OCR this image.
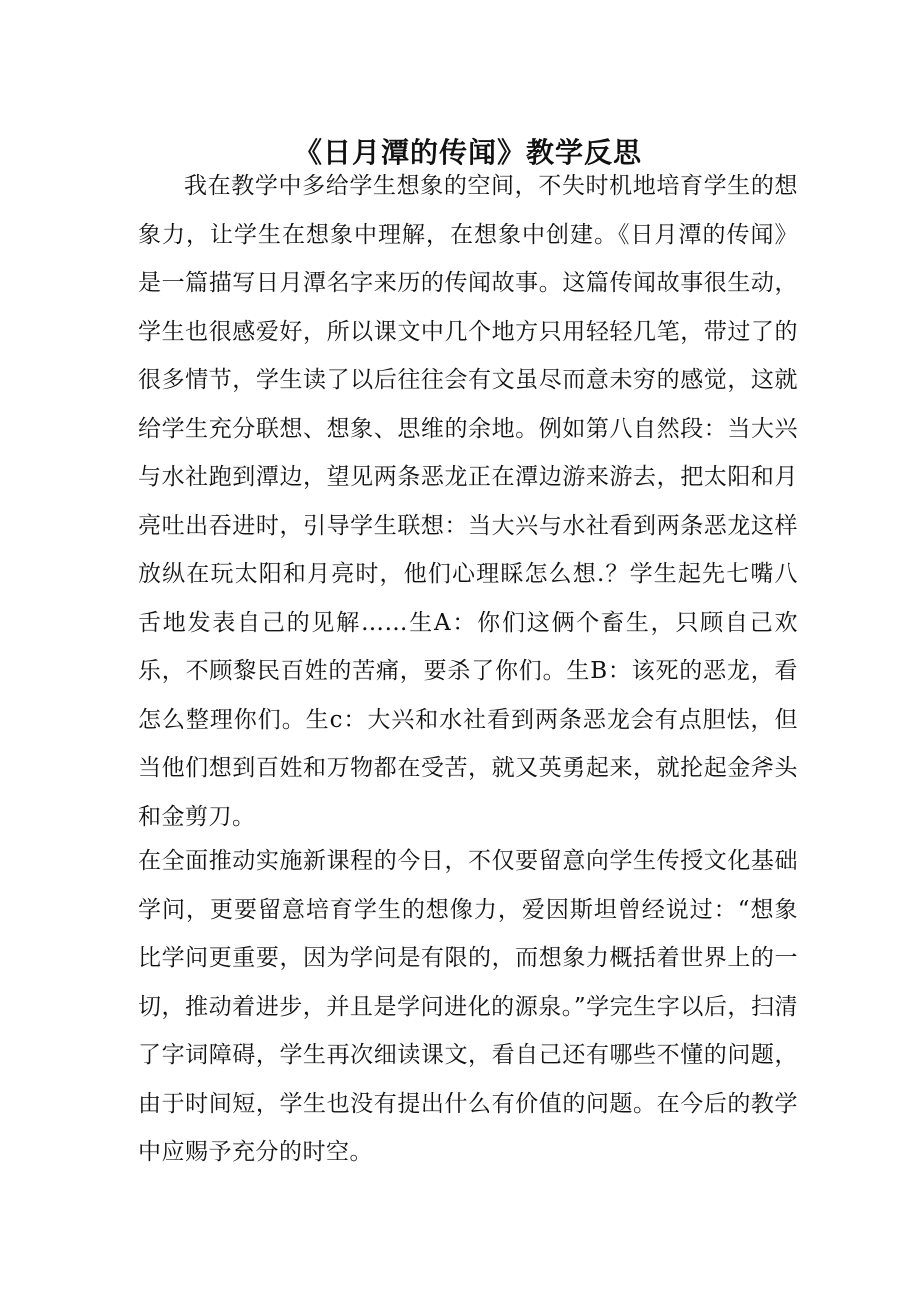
《日月潭的传闻》教学反思

我在教学中多给学生想象的空间，不失时机地培育学生的想象力，让学生在想象中理解，在想象中创建。《日月潭的传闻》是一篇描写日月潭名字来历的传闻故事。这篇传闻故事很生动，学生也很感爱好，所以课文中几个地方只用轻轻几笔，带过了的很多情节，学生读了以后往往会有文虽尽而意未穷的感觉，这就给学生充分联想、想象、思维的余地。例如第八自然段：当大兴与水社跑到潭边，望见两条恶龙正在潭边游来游去，把太阳和月亮吐出吞进时，引导学生联想：当大兴与水社看到两条恶龙这样放纵在玩太阳和月亮时，他们心理睬怎么想.？学生起先七嘴八舌地发表自己的见解……生A：你们这俩个畜生，只顾自己欢乐，不顾黎民百姓的苦痛，要杀了你们。生B：该死的恶龙，看怎么整理你们。生c：大兴和水社看到两条恶龙会有点胆怯，但当他们想到百姓和万物都在受苦，就又英勇起来，就抡起金斧头和金剪刀。

在全面推动实施新课程的今日，不仅要留意向学生传授文化基础学问，更要留意培育学生的想像力，爱因斯坦曾经说过：“想象比学问更重要，因为学问是有限的，而想象力概括着世界上的一切，推动着进步，并且是学问进化的源泉。”学完生字以后，扫清了字词障碍，学生再次细读课文，看自己还有哪些不懂的问题，由于时间短，学生也没有提出什么有价值的问题。在今后的教学中应赐予充分的时空。
